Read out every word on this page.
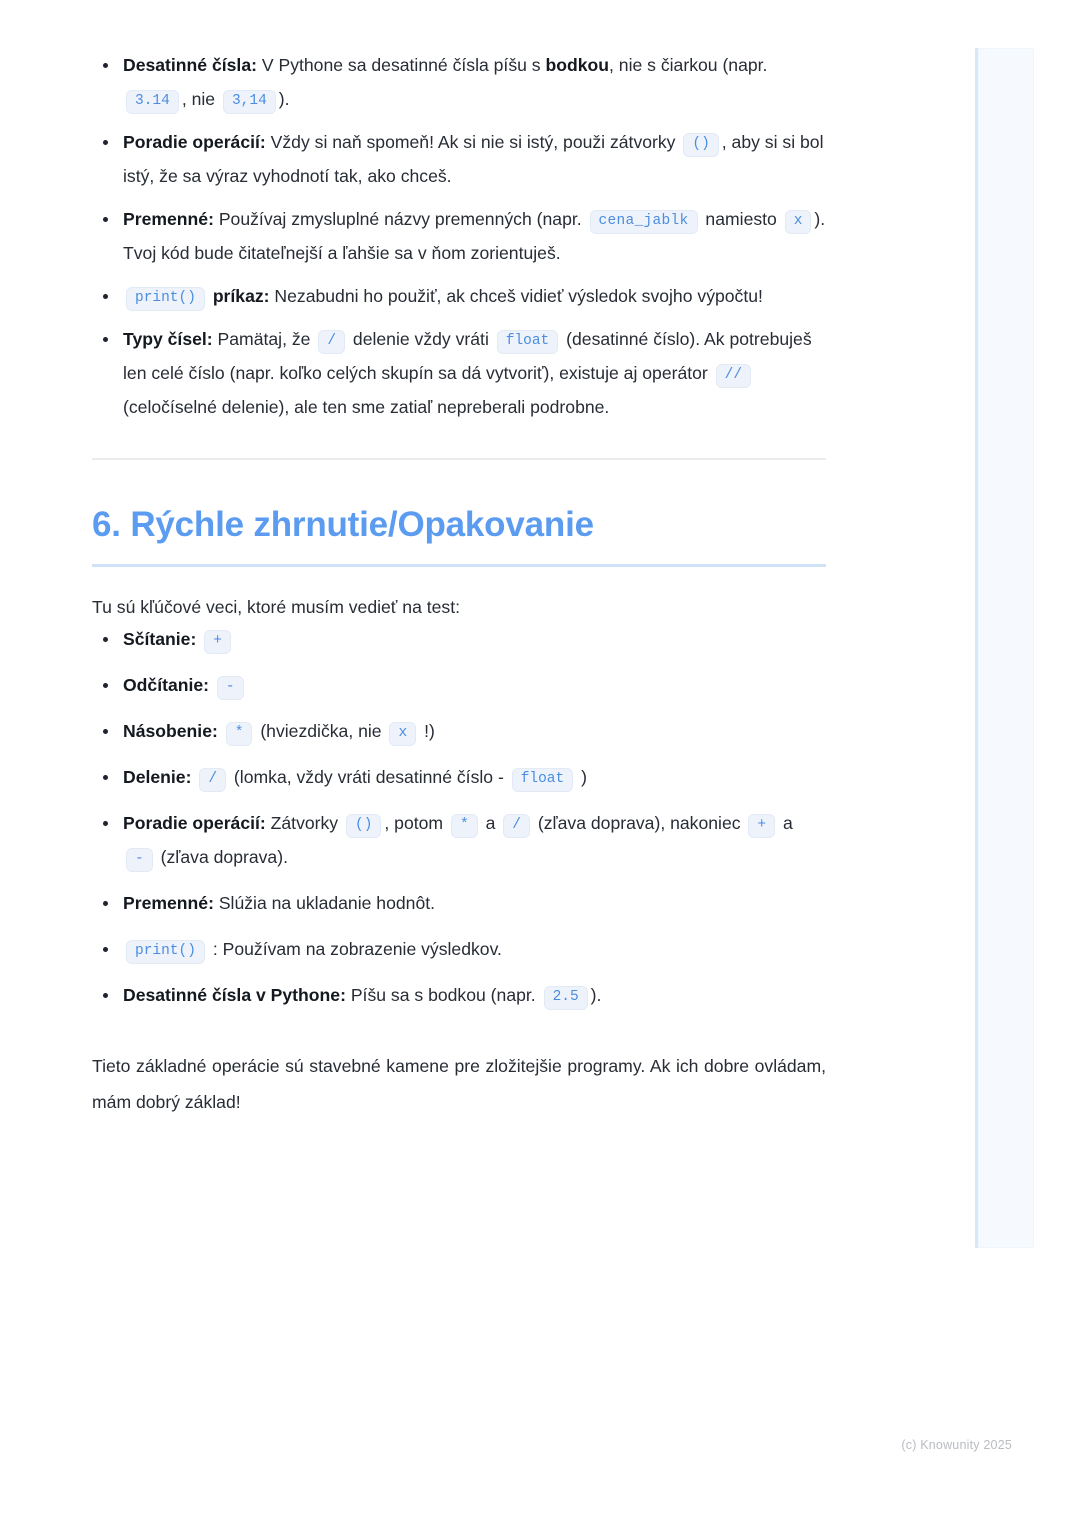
Desatinné čísla: V Pythone sa desatinné čísla píšu s bodkou, nie s čiarkou (napr. 3.14 , nie 3,14 ).
Poradie operácií: Vždy si naň spomeň! Ak si nie si istý, použi zátvorky () , aby si si bol istý, že sa výraz vyhodnotí tak, ako chceš.
Premenné: Používaj zmysluplné názvy premenných (napr. cena_jablk namiesto x ). Tvoj kód bude čitateľnejší a ľahšie sa v ňom zorientuješ.
print() príkaz: Nezabudni ho použiť, ak chceš vidieť výsledok svojho výpočtu!
Typy čísel: Pamätaj, že / delenie vždy vráti float (desatinné číslo). Ak potrebuješ len celé číslo (napr. koľko celých skupín sa dá vytvoriť), existuje aj operátor // (celočíselné delenie), ale ten sme zatiaľ nepreberali podrobne.
6. Rýchle zhrnutie/Opakovanie

Tu sú kľúčové veci, ktoré musím vedieť na test:

Sčítanie: +
Odčítanie: -
Násobenie: * (hviezdička, nie x !)
Delenie: / (lomka, vždy vráti desatinné číslo - float )
Poradie operácií: Zátvorky () , potom * a / (zľava doprava), nakoniec + a - (zľava doprava).
Premenné: Slúžia na ukladanie hodnôt.
print() : Používam na zobrazenie výsledkov.
Desatinné čísla v Pythone: Píšu sa s bodkou (napr. 2.5 ).

Tieto základné operácie sú stavebné kamene pre zložitejšie programy. Ak ich dobre ovládam, mám dobrý základ!

(c) Knowunity 2025
